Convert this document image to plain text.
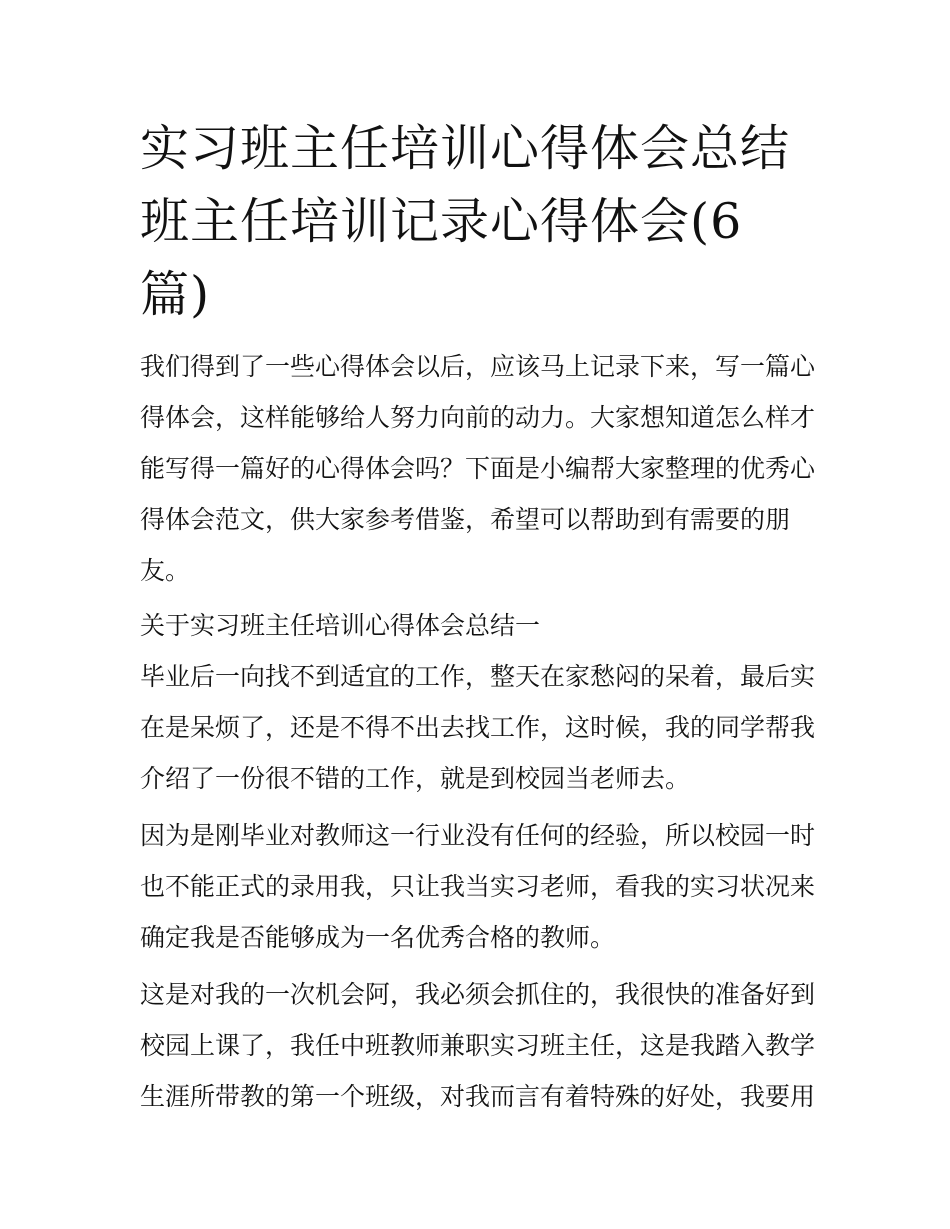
实习班主任培训心得体会总结
班主任培训记录心得体会(6
篇)

我们得到了一些心得体会以后，应该马上记录下来，写一篇心
得体会，这样能够给人努力向前的动力。大家想知道怎么样才
能写得一篇好的心得体会吗？下面是小编帮大家整理的优秀心
得体会范文，供大家参考借鉴，希望可以帮助到有需要的朋
友。

关于实习班主任培训心得体会总结一

毕业后一向找不到适宜的工作，整天在家愁闷的呆着，最后实
在是呆烦了，还是不得不出去找工作，这时候，我的同学帮我
介绍了一份很不错的工作，就是到校园当老师去。

因为是刚毕业对教师这一行业没有任何的经验，所以校园一时
也不能正式的录用我，只让我当实习老师，看我的实习状况来
确定我是否能够成为一名优秀合格的教师。

这是对我的一次机会阿，我必须会抓住的，我很快的准备好到
校园上课了，我任中班教师兼职实习班主任，这是我踏入教学
生涯所带教的第一个班级，对我而言有着特殊的好处，我要用
